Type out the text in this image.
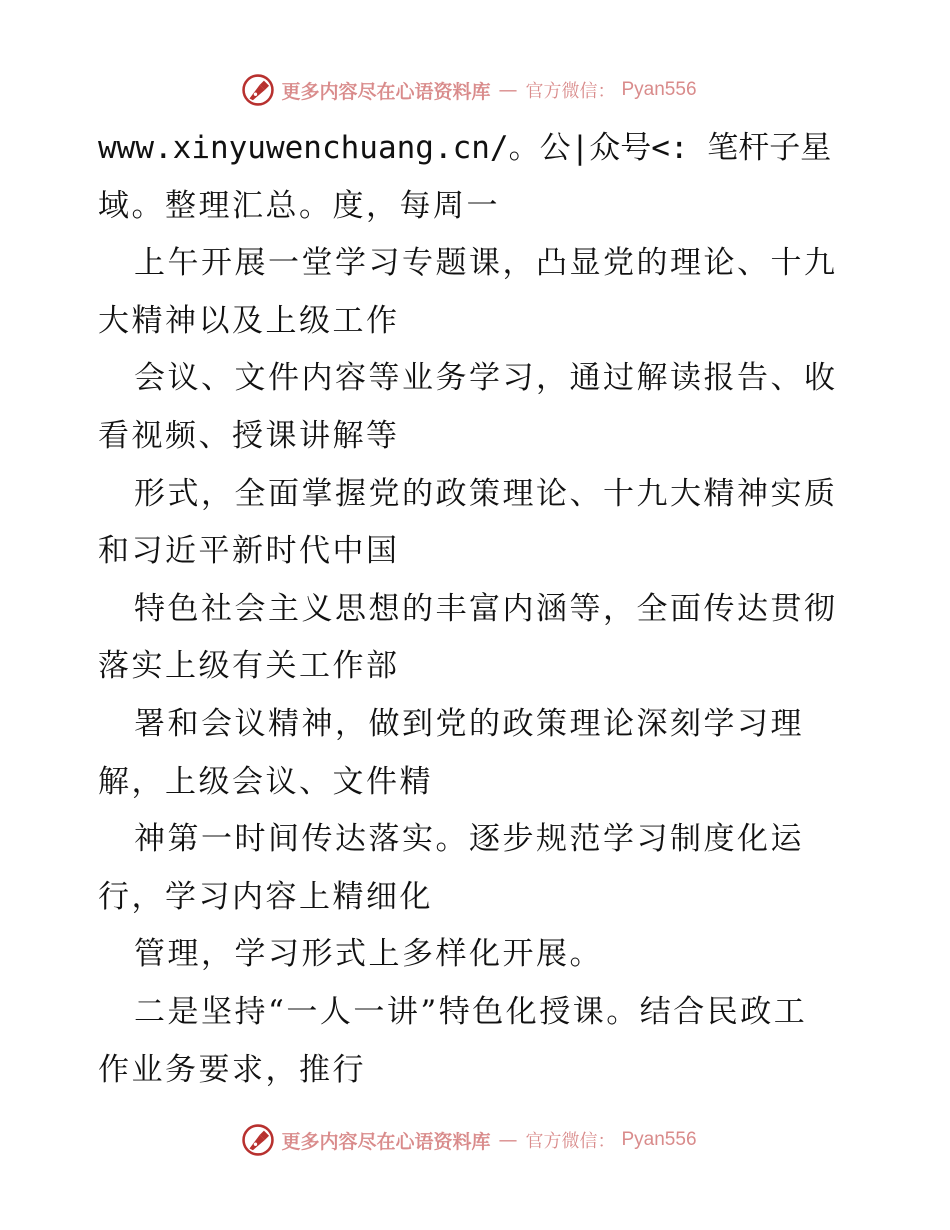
更多内容尽在心语资料库 — 官方微信： Pyan556
www.xinyuwenchuang.cn/。公|众号<: 笔杆子星
域。整理汇总。度，每周一
上午开展一堂学习专题课，凸显党的理论、十九
大精神以及上级工作
会议、文件内容等业务学习，通过解读报告、收
看视频、授课讲解等
形式，全面掌握党的政策理论、十九大精神实质
和习近平新时代中国
特色社会主义思想的丰富内涵等，全面传达贯彻
落实上级有关工作部
署和会议精神，做到党的政策理论深刻学习理
解，上级会议、文件精
神第一时间传达落实。逐步规范学习制度化运
行，学习内容上精细化
管理，学习形式上多样化开展。
二是坚持“一人一讲”特色化授课。结合民政工
作业务要求，推行
更多内容尽在心语资料库 — 官方微信： Pyan556
